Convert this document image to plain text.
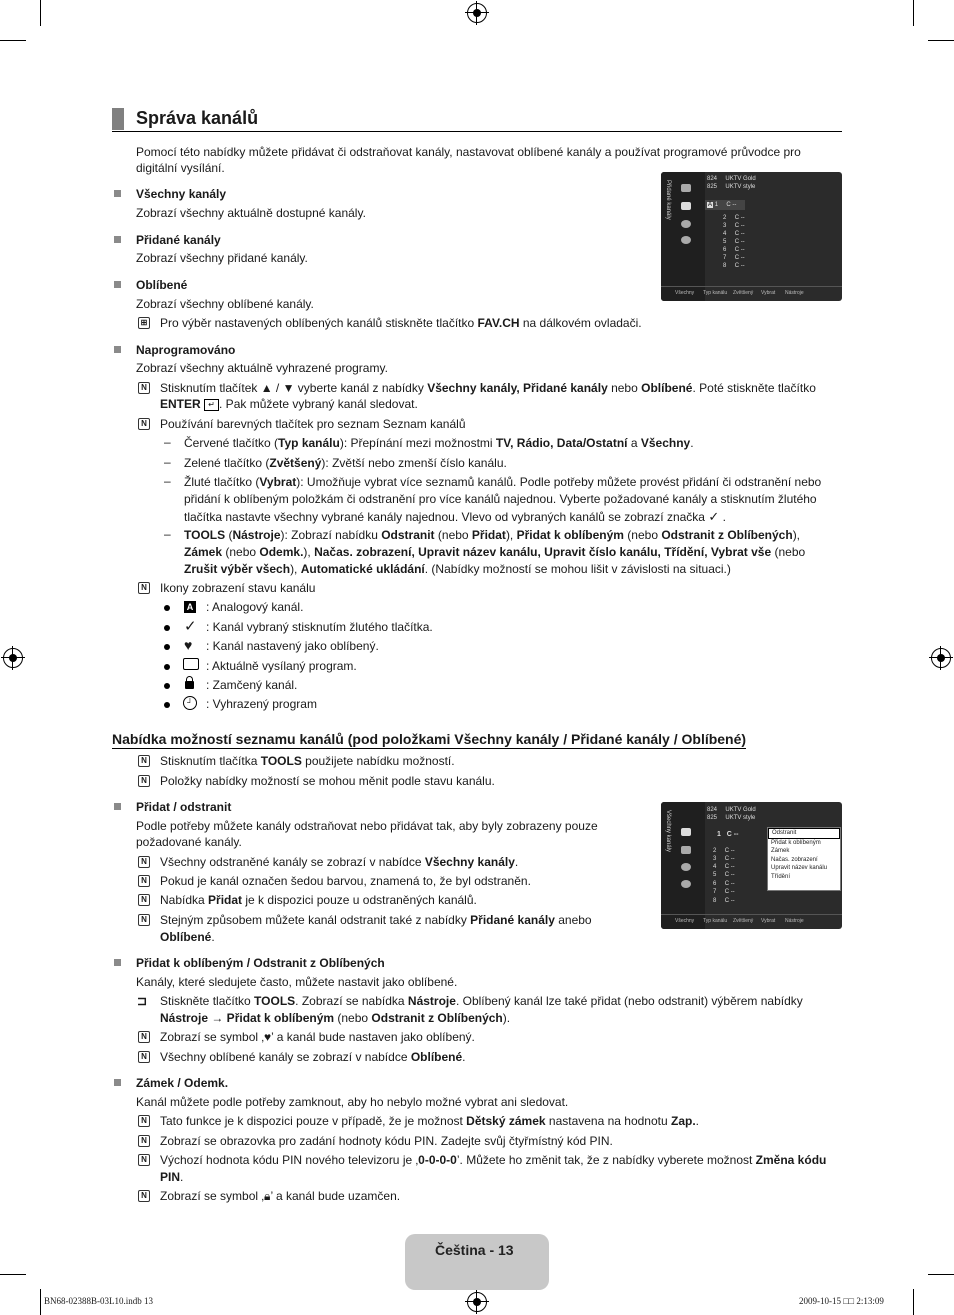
Správa kanálů
Pomocí této nabídky můžete přidávat či odstraňovat kanály, nastavovat oblíbené kanály a používat programové průvodce pro
digitální vysílání.
Všechny kanály
Zobrazí všechny aktuálně dostupné kanály.
Přidané kanály
Zobrazí všechny přidané kanály.
Oblíbené
Zobrazí všechny oblíbené kanály.
⊞ Pro výběr nastavených oblíbených kanálů stiskněte tlačítko FAV.CH na dálkovém ovladači.
Naprogramováno
Zobrazí všechny aktuálně vyhrazené programy.
N Stisknutím tlačítek ▲ / ▼ vyberte kanál z nabídky Všechny kanály, Přidané kanály nebo Oblíbené. Poté stiskněte tlačítko
ENTER ↵ . Pak můžete vybraný kanál sledovat.
N Používání barevných tlačítek pro seznam Seznam kanálů
– Červené tlačítko (Typ kanálu): Přepínání mezi možnostmi TV, Rádio, Data/Ostatní a Všechny.
– Zelené tlačítko (Zvětšený): Zvětší nebo zmenší číslo kanálu.
– Žluté tlačítko (Vybrat): Umožňuje vybrat více seznamů kanálů. Podle potřeby můžete provést přidání či odstranění nebo
přidání k oblíbeným položkám či odstranění pro více kanálů najednou. Vyberte požadované kanály a stisknutím žlutého
tlačítka nastavte všechny vybrané kanály najednou. Vlevo od vybraných kanálů se zobrazí značka ✓ .
– TOOLS (Nástroje): Zobrazí nabídku Odstranit (nebo Přidat), Přidat k oblíbeným (nebo Odstranit z Oblíbených),
Zámek (nebo Odemk.), Načas. zobrazení, Upravit název kanálu, Upravit číslo kanálu, Třídění, Vybrat vše (nebo
Zrušit výběr všech), Automatické ukládání. (Nabídky možností se mohou lišit v závislosti na situaci.)
N Ikony zobrazení stavu kanálu
A : Analogový kanál.
✓ : Kanál vybraný stisknutím žlutého tlačítka.
♥ : Kanál nastavený jako oblíbený.
: Aktuálně vysílaný program.
: Zamčený kanál.
┘	: Vyhrazený program
Nabídka možností seznamu kanálů (pod položkami Všechny kanály / Přidané kanály / Oblíbené)
N Stisknutím tlačítka TOOLS použijete nabídku možností.
N Položky nabídky možností se mohou měnit podle stavu kanálu.
Přidat / odstranit
Podle potřeby můžete kanály odstraňovat nebo přidávat tak, aby byly zobrazeny pouze
požadované kanály.
N Všechny odstraněné kanály se zobrazí v nabídce Všechny kanály.
N Pokud je kanál označen šedou barvou, znamená to, že byl odstraněn.
N Nabídka Přidat je k dispozici pouze u odstraněných kanálů.
N Stejným způsobem můžete kanál odstranit také z nabídky Přidané kanály anebo
Oblíbené.
Přidat k oblíbeným / Odstranit z Oblíbených
Kanály, které sledujete často, můžete nastavit jako oblíbené.
⊐ Stiskněte tlačítko TOOLS. Zobrazí se nabídka Nástroje. Oblíbený kanál lze také přidat (nebo odstranit) výběrem nabídky
Nástroje → Přidat k oblíbeným (nebo Odstranit z Oblíbených).
N Zobrazí se symbol ‚♥’ a kanál bude nastaven jako oblíbený.
N Všechny oblíbené kanály se zobrazí v nabídce Oblíbené.
Zámek / Odemk.
Kanál můžete podle potřeby zamknout, aby ho nebylo možné vybrat ani sledovat.
N Tato funkce je k dispozici pouze v případě, že je možnost Dětský zámek nastavena na hodnotu Zap..
N Zobrazí se obrazovka pro zadání hodnoty kódu PIN. Zadejte svůj čtyřmístný kód PIN.
N Výchozí hodnota kódu PIN nového televizoru je ‚0-0-0-0’. Můžete ho změnit tak, že z nabídky vyberete možnost Změna kódu
PIN.
N Zobrazí se symbol ‚🔒︎’ a kanál bude uzamčen.
Přidané kanály
824 UKTV Gold
825 UKTV style
A 1 C --
2 C --
3 C --
4 C --
5 C --
6 C --
7 C --
8 C --
Všechny Typ kanálu Zvětšený Vybrat Nástroje
Všechny kanály	824 UKTV Gold
825 UKTV style
1 C --
2 C --
3 C --
4 C --
5 C --
6 C --
7 C --
8 C --
Odstranit
Přidat k oblíbeným
Zámek
Načas. zobrazení
Upravit název kanálu
Třídění
Všechny Typ kanálu Zvětšený Vybrat Nástroje
Čeština - 13
BN68-02388B-03L10.indb 13	2009-10-15 □□ 2:13:09
